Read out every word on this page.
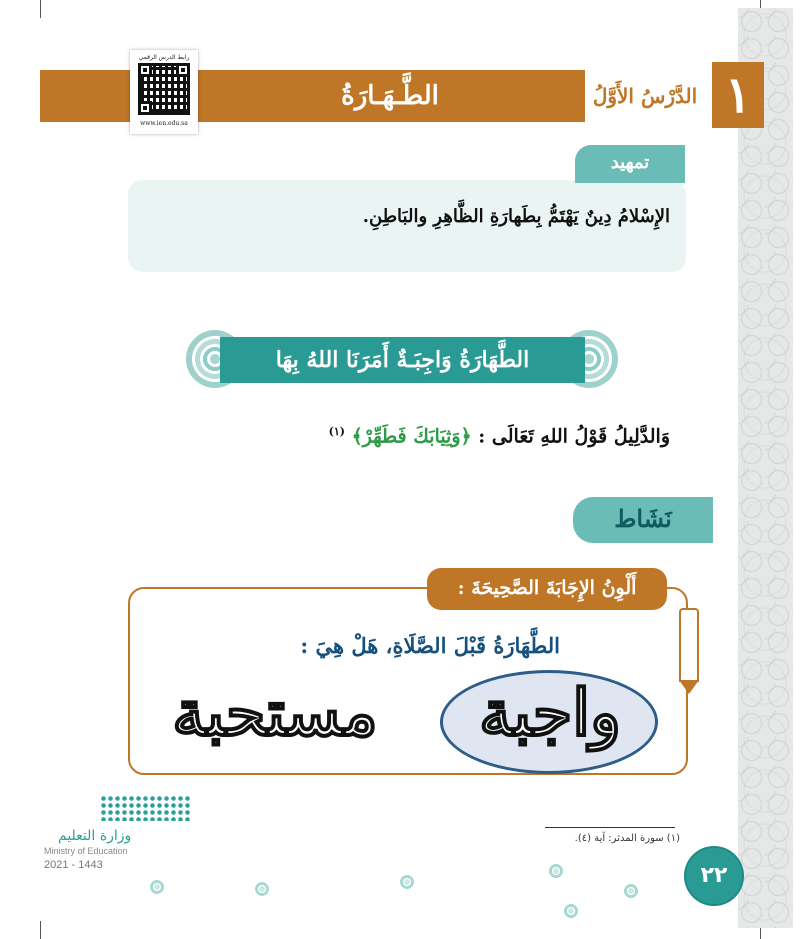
الطَّـهَـارَةُ	الدَّرْسُ الأَوَّلُ ١
رابط الدرس الرقمي
www.ien.edu.sa
تمهيد
الإِسْلامُ دِينٌ يَهْتَمُّ بِطَهارَةِ الظَّاهِرِ والبَاطِنِ.
الطَّهَارَةُ وَاجِبَـةٌ أَمَرَنَا اللهُ بِهَا
وَالدَّلِيلُ قَوْلُ اللهِ تَعَالَى : ﴿وَثِيَابَكَ فَطَهِّرْ﴾ $^{(١)}$
نَشَاط
أَلْوِنُ الإِجَابَةَ الصَّحِيحَةَ :
الطَّهَارَةُ قَبْلَ الصَّلَاةِ، هَلْ هِيَ :
واجبة
مستحبة
وزارة التعليم
Ministry of Education
2021 - 1443
(١) سورة المدثر: آية (٤).
٢٢
